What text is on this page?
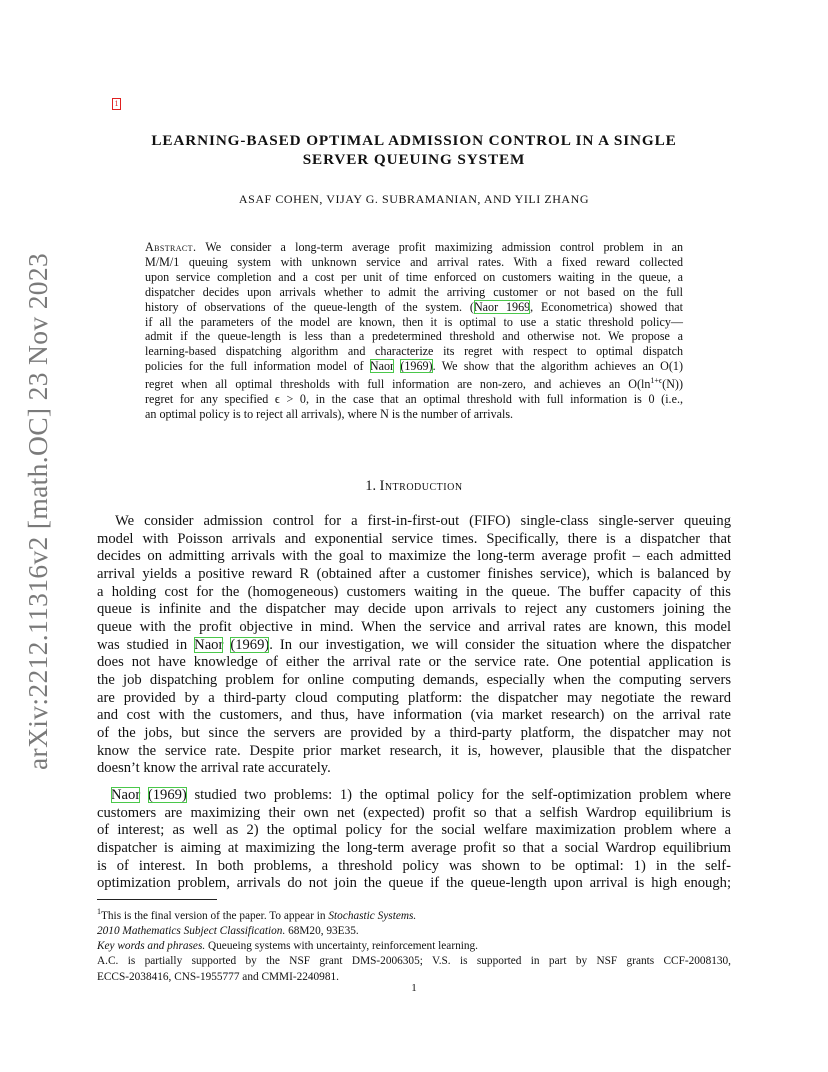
arXiv:2212.11316v2 [math.OC] 23 Nov 2023
1
LEARNING-BASED OPTIMAL ADMISSION CONTROL IN A SINGLE
SERVER QUEUING SYSTEM
ASAF COHEN, VIJAY G. SUBRAMANIAN, AND YILI ZHANG
Abstract. We consider a long-term average profit maximizing admission control problem in an
M/M/1 queuing system with unknown service and arrival rates. With a fixed reward collected
upon service completion and a cost per unit of time enforced on customers waiting in the queue, a
dispatcher decides upon arrivals whether to admit the arriving customer or not based on the full
history of observations of the queue-length of the system. (Naor 1969, Econometrica) showed that
if all the parameters of the model are known, then it is optimal to use a static threshold policy—
admit if the queue-length is less than a predetermined threshold and otherwise not. We propose a
learning-based dispatching algorithm and characterize its regret with respect to optimal dispatch
policies for the full information model of Naor (1969). We show that the algorithm achieves an O(1)
regret when all optimal thresholds with full information are non-zero, and achieves an $O(\ln^{1+\epsilon}(N))$
regret for any specified ϵ > 0, in the case that an optimal threshold with full information is 0 (i.e.,
an optimal policy is to reject all arrivals), where N is the number of arrivals.
1. Introduction
We consider admission control for a first-in-first-out (FIFO) single-class single-server queuing
model with Poisson arrivals and exponential service times. Specifically, there is a dispatcher that
decides on admitting arrivals with the goal to maximize the long-term average profit – each admitted
arrival yields a positive reward R (obtained after a customer finishes service), which is balanced by
a holding cost for the (homogeneous) customers waiting in the queue. The buffer capacity of this
queue is infinite and the dispatcher may decide upon arrivals to reject any customers joining the
queue with the profit objective in mind. When the service and arrival rates are known, this model
was studied in Naor (1969). In our investigation, we will consider the situation where the dispatcher
does not have knowledge of either the arrival rate or the service rate. One potential application is
the job dispatching problem for online computing demands, especially when the computing servers
are provided by a third-party cloud computing platform: the dispatcher may negotiate the reward
and cost with the customers, and thus, have information (via market research) on the arrival rate
of the jobs, but since the servers are provided by a third-party platform, the dispatcher may not
know the service rate. Despite prior market research, it is, however, plausible that the dispatcher
doesn’t know the arrival rate accurately.
Naor (1969) studied two problems: 1) the optimal policy for the self-optimization problem where
customers are maximizing their own net (expected) profit so that a selfish Wardrop equilibrium is
of interest; as well as 2) the optimal policy for the social welfare maximization problem where a
dispatcher is aiming at maximizing the long-term average profit so that a social Wardrop equilibrium
is of interest. In both problems, a threshold policy was shown to be optimal: 1) in the self-
optimization problem, arrivals do not join the queue if the queue-length upon arrival is high enough;
$^1$This is the final version of the paper. To appear in Stochastic Systems.
2010 Mathematics Subject Classification. 68M20, 93E35.
Key words and phrases. Queueing systems with uncertainty, reinforcement learning.
A.C. is partially supported by the NSF grant DMS-2006305; V.S. is supported in part by NSF grants CCF-2008130,
ECCS-2038416, CNS-1955777 and CMMI-2240981.
1
